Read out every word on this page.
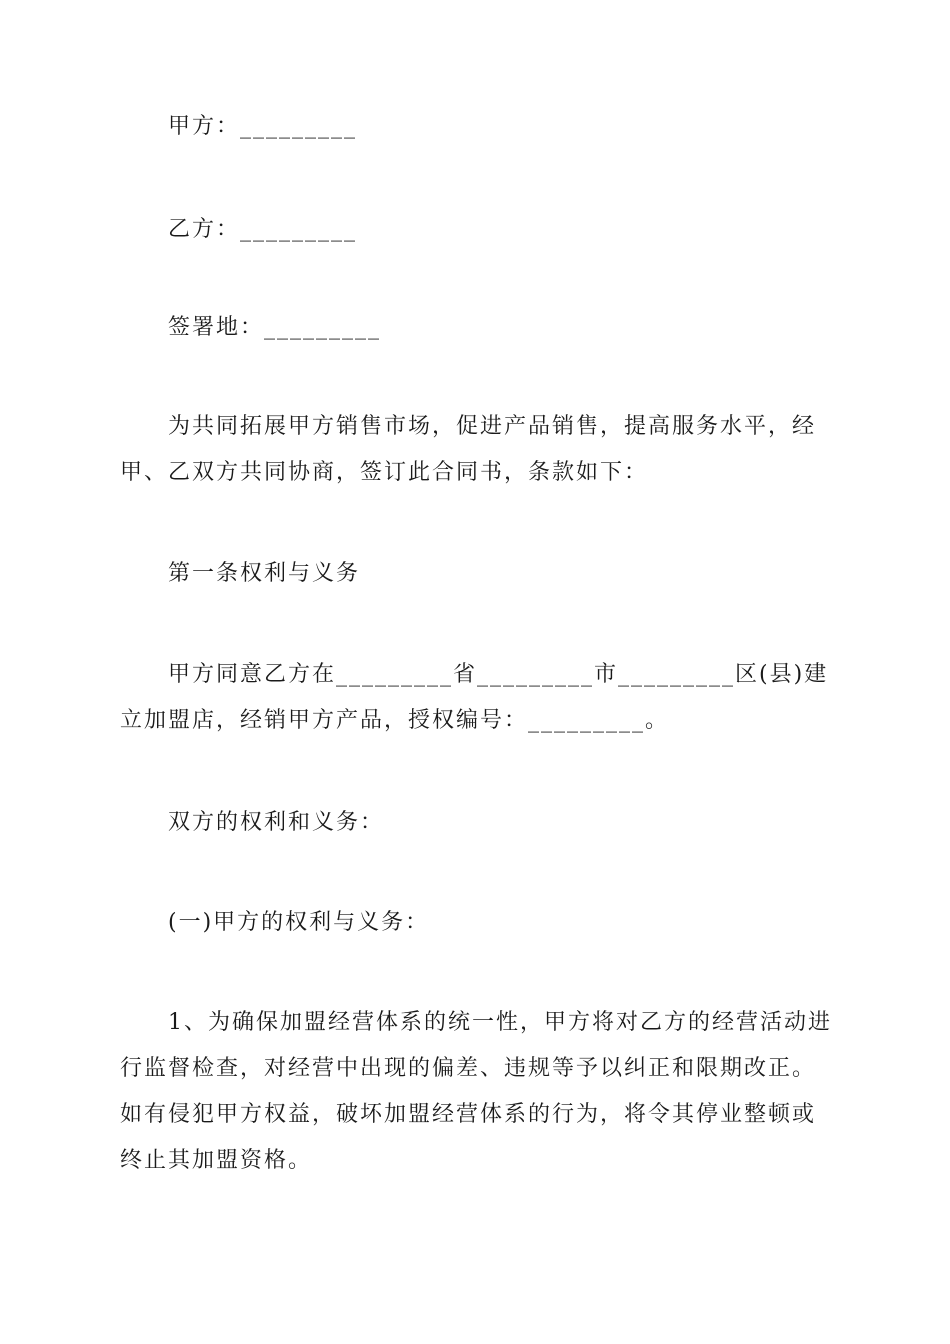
甲方：_________

乙方：_________

签署地：_________

为共同拓展甲方销售市场，促进产品销售，提高服务水平，经甲、乙双方共同协商，签订此合同书，条款如下：

第一条权利与义务

甲方同意乙方在_________省_________市_________区(县)建立加盟店，经销甲方产品，授权编号：_________。

双方的权利和义务：

(一)甲方的权利与义务：

1、为确保加盟经营体系的统一性，甲方将对乙方的经营活动进行监督检查，对经营中出现的偏差、违规等予以纠正和限期改正。如有侵犯甲方权益，破坏加盟经营体系的行为，将令其停业整顿或终止其加盟资格。
